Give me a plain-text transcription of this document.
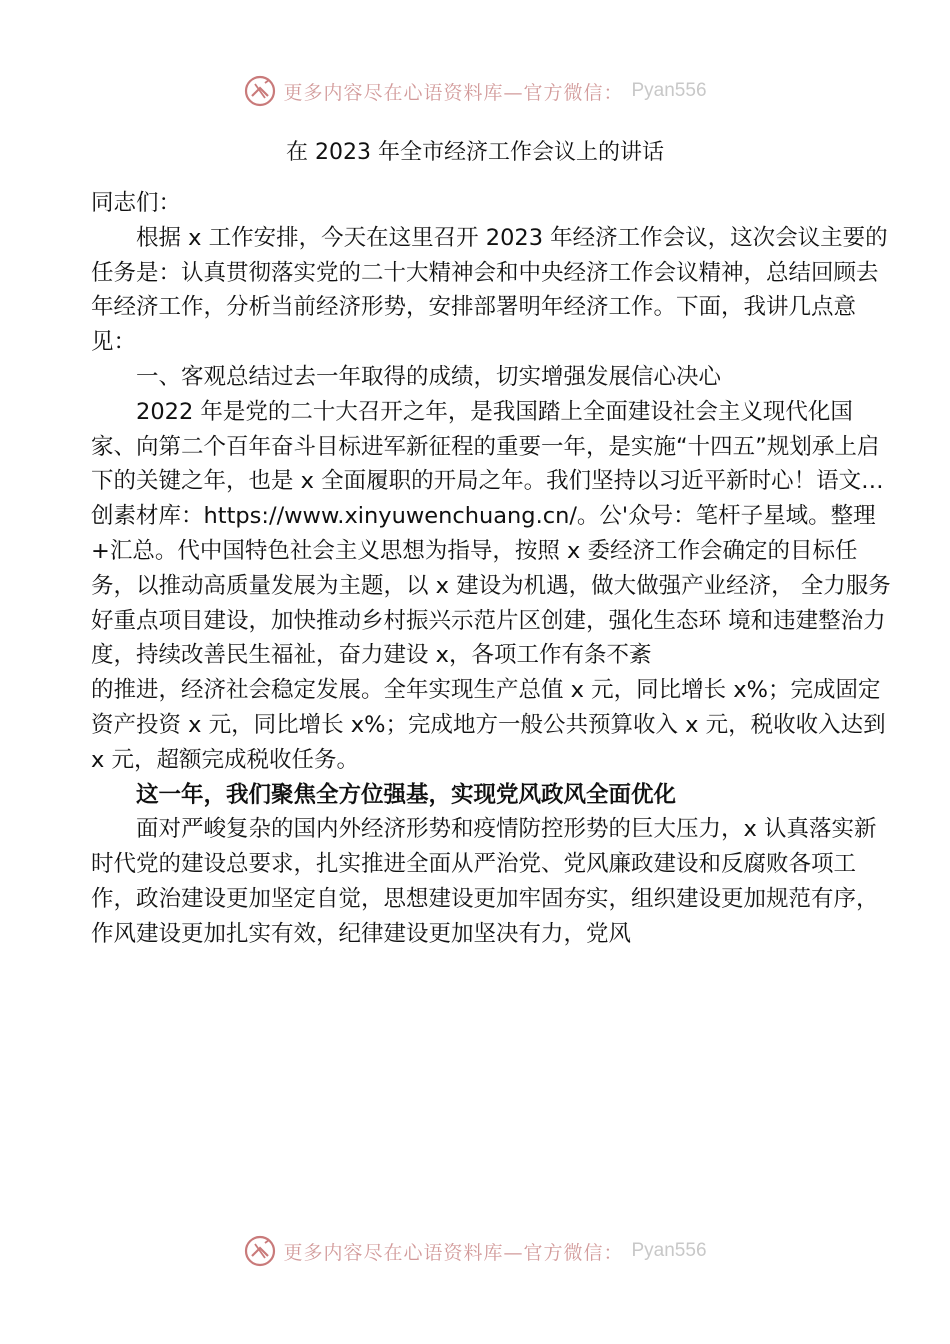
更多内容尽在心语资料库—官方微信： Pyan556
在 2023 年全市经济工作会议上的讲话

同志们：

根据 x 工作安排，今天在这里召开 2023 年经济工作会议，这次会议主要的任务是：认真贯彻落实党的二十大精神会和中央经济工作会议精神，总结回顾去年经济工作，分析当前经济形势，安排部署明年经济工作。下面，我讲几点意见：

一、客观总结过去一年取得的成绩，切实增强发展信心决心

2022 年是党的二十大召开之年，是我国踏上全面建设社会主义现代化国家、向第二个百年奋斗目标进军新征程的重要一年，是实施“十四五”规划承上启下的关键之年，也是 x 全面履职的开局之年。我们坚持以习近平新时心！语文…创素材库：https://www.xinyuwenchuang.cn/。公'众号：笔杆子星域。整理+汇总。代中国特色社会主义思想为指导，按照 x 委经济工作会确定的目标任务，以推动高质量发展为主题，以 x 建设为机遇，做大做强产业经济， 全力服务好重点项目建设，加快推动乡村振兴示范片区创建，强化生态环 境和违建整治力度，持续改善民生福祉，奋力建设 x，各项工作有条不紊

的推进，经济社会稳定发展。全年实现生产总值 x 元，同比增长 x%；完成固定资产投资 x 元，同比增长 x%；完成地方一般公共预算收入 x 元，税收收入达到 x 元，超额完成税收任务。

这一年，我们聚焦全方位强基，实现党风政风全面优化

面对严峻复杂的国内外经济形势和疫情防控形势的巨大压力，x 认真落实新时代党的建设总要求，扎实推进全面从严治党、党风廉政建设和反腐败各项工作，政治建设更加坚定自觉，思想建设更加牢固夯实，组织建设更加规范有序，作风建设更加扎实有效，纪律建设更加坚决有力，党风

更多内容尽在心语资料库—官方微信： Pyan556
